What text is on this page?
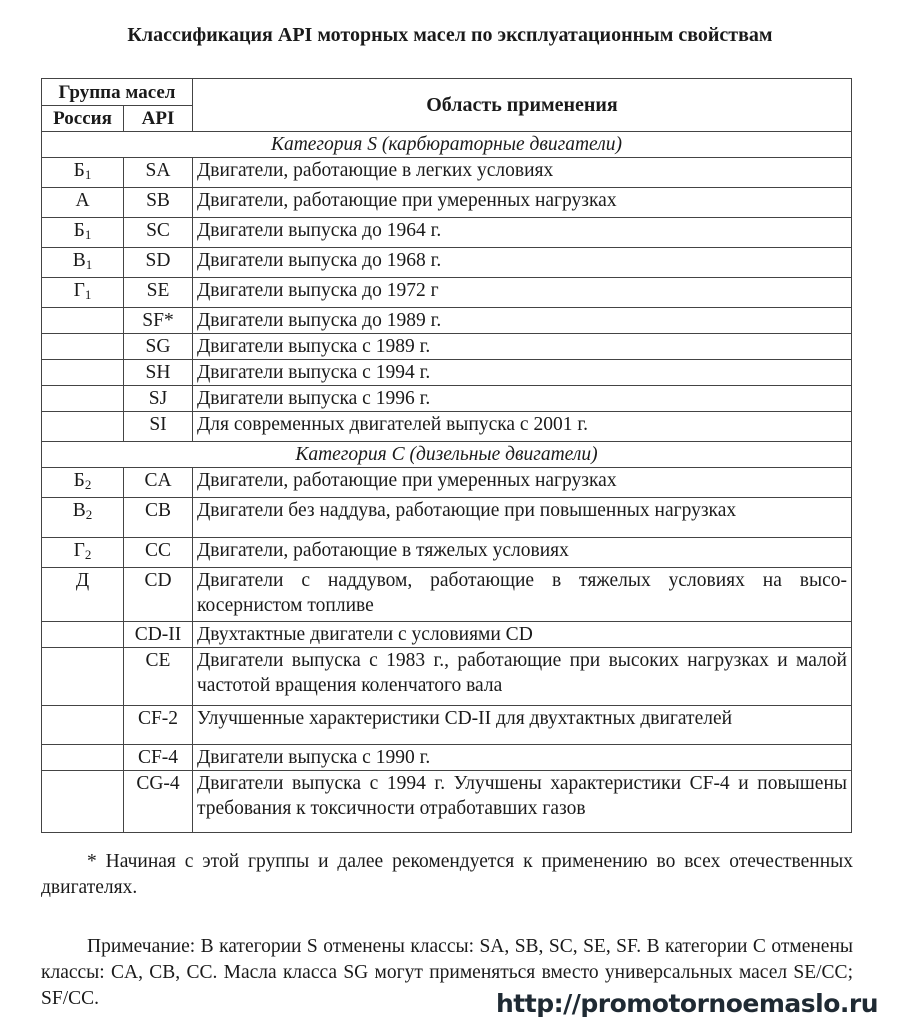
Классификация API моторных масел по эксплуатационным свойствам
Группа масел		Область применения
Россия	API	
Категория S (карбюраторные двигатели)		
$Б_1$	SA	Двигатели, работающие в легких условиях
А	SB	Двигатели, работающие при умеренных нагрузках
$Б_1$	SC	Двигатели выпуска до 1964 г.
$В_1$	SD	Двигатели выпуска до 1968 г.
$Г_1$	SE	Двигатели выпуска до 1972 г
	SF*	Двигатели выпуска до 1989 г.
	SG	Двигатели выпуска с 1989 г.
	SH	Двигатели выпуска с 1994 г.
	SJ	Двигатели выпуска с 1996 г.
	SI	Для современных двигателей выпуска с 2001 г.
Категория С (дизельные двигатели)		
$Б_2$	CA	Двигатели, работающие при умеренных нагрузках
$В_2$	CB	Двигатели без наддува, работающие при повышенных нагрузках
$Г_2$	CC	Двигатели, работающие в тяжелых условиях
Д	CD	Двигатели с наддувом, работающие в тяжелых условиях на высо-косернистом топливе
	CD-II	Двухтактные двигатели с условиями CD
	CE	Двигатели выпуска с 1983 г., работающие при высоких нагрузках и малой частотой вращения коленчатого вала
	CF-2	Улучшенные характеристики CD-II для двухтактных двигателей
	CF-4	Двигатели выпуска с 1990 г.
	CG-4	Двигатели выпуска с 1994 г. Улучшены характеристики CF-4 и повышены требования к токсичности отработавших газов
* Начиная с этой группы и далее рекомендуется к применению во всех отечественных двигателях.
Примечание: В категории S отменены классы: SA, SB, SC, SE, SF. В категории С отменены классы: CA, CB, CC. Масла класса SG могут применяться вместо универсальных масел SE/CC; SF/CC.	http://promotornoemaslo.ru
